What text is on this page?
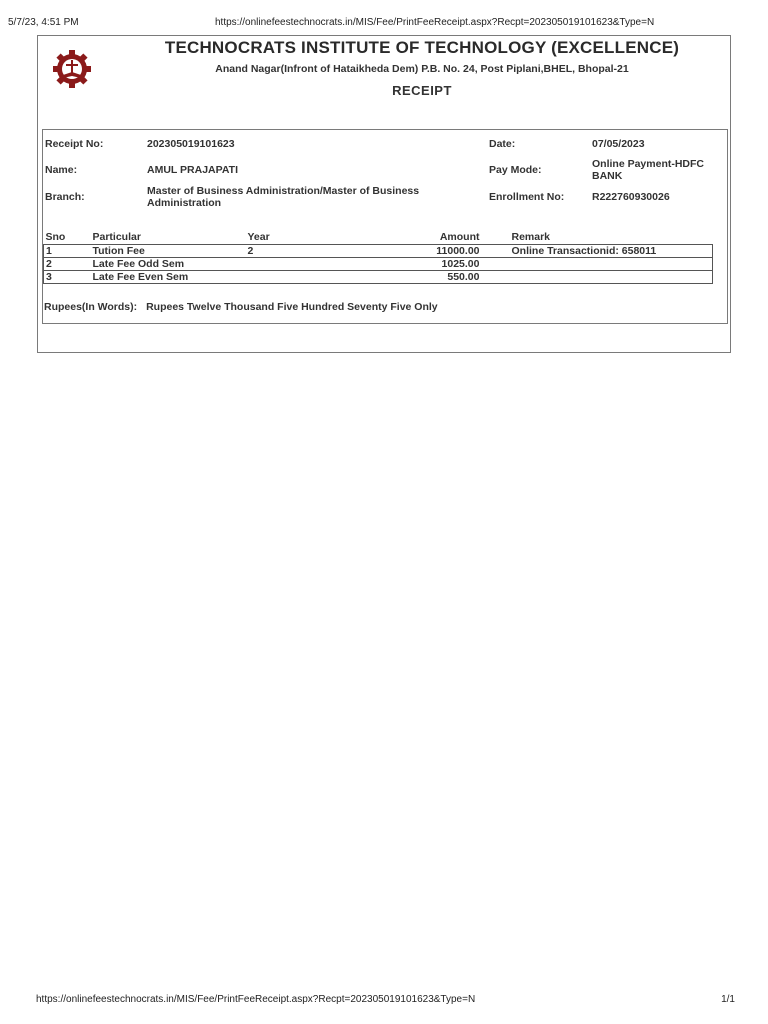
5/7/23, 4:51 PM	https://onlinefeestechnocrats.in/MIS/Fee/PrintFeeReceipt.aspx?Recpt=202305019101623&Type=N
TECHNOCRATS INSTITUTE OF TECHNOLOGY (EXCELLENCE)
Anand Nagar(Infront of Hataikheda Dem) P.B. No. 24, Post Piplani,BHEL, Bhopal-21
RECEIPT
Receipt No:	202305019101623	Date:	07/05/2023
Name:	AMUL PRAJAPATI	Pay Mode:	Online Payment-HDFC
BANK
Branch:	Master of Business Administration/Master of Business
Administration	Enrollment No:	R222760930026
Sno	Particular	Year	Amount	Remark
1	Tution Fee	2	11000.00	Online Transactionid: 658011
2	Late Fee Odd Sem		1025.00	
3	Late Fee Even Sem		550.00	
Rupees(In Words): Rupees Twelve Thousand Five Hundred Seventy Five Only
https://onlinefeestechnocrats.in/MIS/Fee/PrintFeeReceipt.aspx?Recpt=202305019101623&Type=N	1/1
